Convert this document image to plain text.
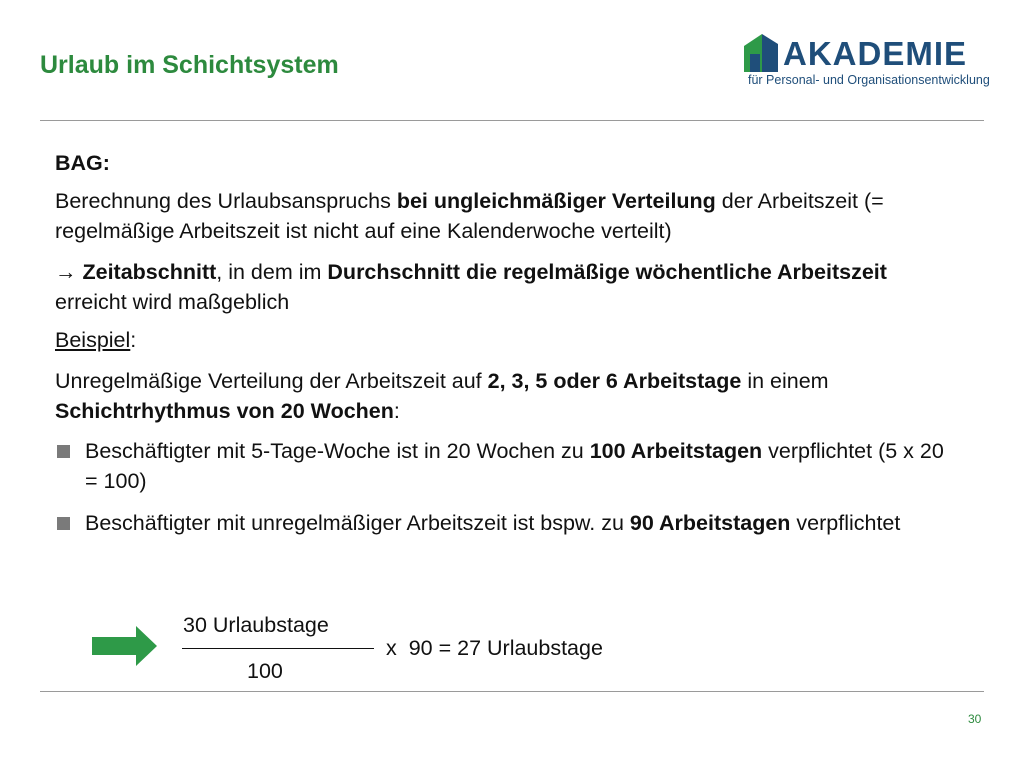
Urlaub im Schichtsystem	AKADEMIE
für Personal- und Organisationsentwicklung

BAG:

Berechnung des Urlaubsanspruchs bei ungleichmäßiger Verteilung der Arbeitszeit (= regelmäßige Arbeitszeit ist nicht auf eine Kalenderwoche verteilt)

→ Zeitabschnitt, in dem im Durchschnitt die regelmäßige wöchentliche Arbeitszeit erreicht wird maßgeblich

Beispiel:

Unregelmäßige Verteilung der Arbeitszeit auf 2, 3, 5 oder 6 Arbeitstage in einem Schichtrhythmus von 20 Wochen:

Beschäftigter mit 5-Tage-Woche ist in 20 Wochen zu 100 Arbeitstagen verpflichtet (5 x 20 = 100)
Beschäftigter mit unregelmäßiger Arbeitszeit ist bspw. zu 90 Arbeitstagen verpflichtet
30 Urlaubstage
100
x  90 = 27 Urlaubstage
30
